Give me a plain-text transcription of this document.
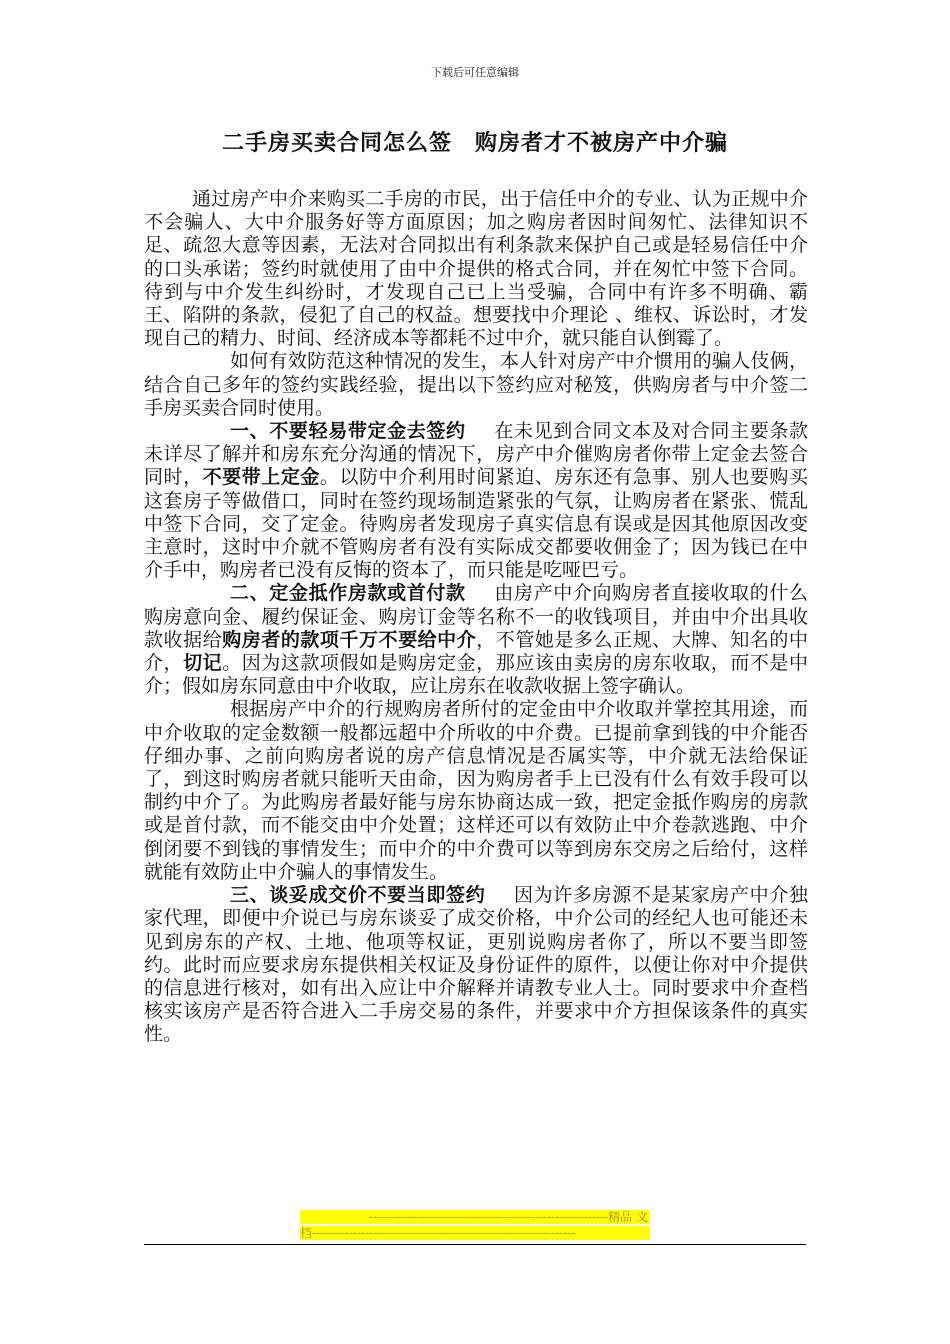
下载后可任意编辑
二手房买卖合同怎么签　购房者才不被房产中介骗

通过房产中介来购买二手房的市民，出于信任中介的专业、认为正规中介不会骗人、大中介服务好等方面原因；加之购房者因时间匆忙、法律知识不足、疏忽大意等因素，无法对合同拟出有利条款来保护自己或是轻易信任中介的口头承诺；签约时就使用了由中介提供的格式合同，并在匆忙中签下合同。待到与中介发生纠纷时，才发现自己已上当受骗，合同中有许多不明确、霸王、陷阱的条款，侵犯了自己的权益。想要找中介理论 、维权、诉讼时，才发现自己的精力、时间、经济成本等都耗不过中介，就只能自认倒霉了。

如何有效防范这种情况的发生，本人针对房产中介惯用的骗人伎俩，结合自己多年的签约实践经验，提出以下签约应对秘笈，供购房者与中介签二手房买卖合同时使用。

一、不要轻易带定金去签约 在未见到合同文本及对合同主要条款未详尽了解并和房东充分沟通的情况下，房产中介催购房者你带上定金去签合同时，不要带上定金。以防中介利用时间紧迫、房东还有急事、别人也要购买这套房子等做借口，同时在签约现场制造紧张的气氛，让购房者在紧张、慌乱中签下合同，交了定金。待购房者发现房子真实信息有误或是因其他原因改变主意时，这时中介就不管购房者有没有实际成交都要收佣金了；因为钱已在中介手中，购房者已没有反悔的资本了，而只能是吃哑巴亏。

二、定金抵作房款或首付款 由房产中介向购房者直接收取的什么购房意向金、履约保证金、购房订金等名称不一的收钱项目，并由中介出具收款收据给购房者的款项千万不要给中介，不管她是多么正规、大牌、知名的中介，切记。因为这款项假如是购房定金，那应该由卖房的房东收取，而不是中介；假如房东同意由中介收取，应让房东在收款收据上签字确认。

根据房产中介的行规购房者所付的定金由中介收取并掌控其用途，而中介收取的定金数额一般都远超中介所收的中介费。已提前拿到钱的中介能否仔细办事、之前向购房者说的房产信息情况是否属实等，中介就无法给保证了，到这时购房者就只能听天由命，因为购房者手上已没有什么有效手段可以制约中介了。为此购房者最好能与房东协商达成一致，把定金抵作购房的房款或是首付款，而不能交由中介处置；这样还可以有效防止中介卷款逃跑、中介倒闭要不到钱的事情发生；而中介的中介费可以等到房东交房之后给付，这样就能有效防止中介骗人的事情发生。

三、谈妥成交价不要当即签约 因为许多房源不是某家房产中介独家代理，即便中介说已与房东谈妥了成交价格，中介公司的经纪人也可能还未见到房东的产权、土地、他项等权证，更别说购房者你了，所以不要当即签约。此时而应要求房东提供相关权证及身份证件的原件，以便让你对中介提供的信息进行核对，如有出入应让中介解释并请教专业人士。同时要求中介查档核实该房产是否符合进入二手房交易的条件，并要求中介方担保该条件的真实性。

-----------------------------------------------------------精品 文
档-----------------------------------------------------------------
